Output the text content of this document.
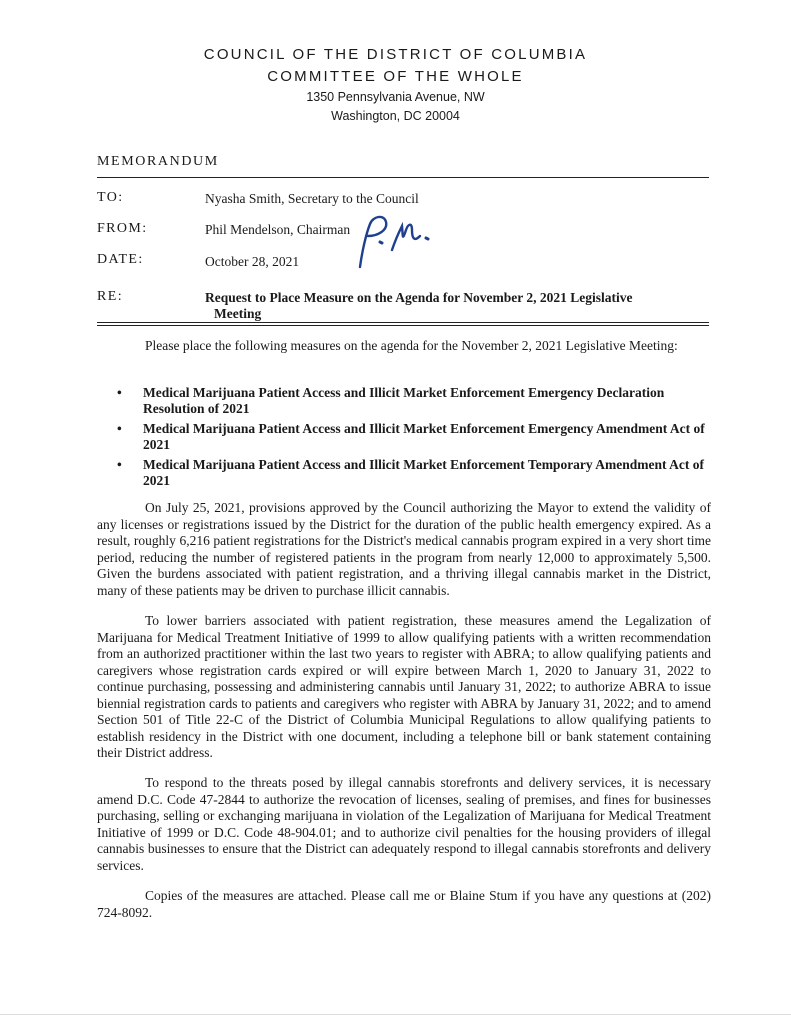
COUNCIL OF THE DISTRICT OF COLUMBIA
COMMITTEE OF THE WHOLE
1350 Pennsylvania Avenue, NW
Washington, DC 20004
MEMORANDUM
TO:	Nyasha Smith, Secretary to the Council
FROM:	Phil Mendelson, Chairman
DATE:	October 28, 2021
RE:	Request to Place Measure on the Agenda for November 2, 2021 Legislative
Meeting
Please place the following measures on the agenda for the November 2, 2021 Legislative Meeting:
• Medical Marijuana Patient Access and Illicit Market Enforcement Emergency Declaration Resolution of 2021
• Medical Marijuana Patient Access and Illicit Market Enforcement Emergency Amendment Act of 2021
• Medical Marijuana Patient Access and Illicit Market Enforcement Temporary Amendment Act of 2021
On July 25, 2021, provisions approved by the Council authorizing the Mayor to extend the validity of any licenses or registrations issued by the District for the duration of the public health emergency expired. As a result, roughly 6,216 patient registrations for the District's medical cannabis program expired in a very short time period, reducing the number of registered patients in the program from nearly 12,000 to approximately 5,500. Given the burdens associated with patient registration, and a thriving illegal cannabis market in the District, many of these patients may be driven to purchase illicit cannabis.
To lower barriers associated with patient registration, these measures amend the Legalization of Marijuana for Medical Treatment Initiative of 1999 to allow qualifying patients with a written recommendation from an authorized practitioner within the last two years to register with ABRA; to allow qualifying patients and caregivers whose registration cards expired or will expire between March 1, 2020 to January 31, 2022 to continue purchasing, possessing and administering cannabis until January 31, 2022; to authorize ABRA to issue biennial registration cards to patients and caregivers who register with ABRA by January 31, 2022; and to amend Section 501 of Title 22-C of the District of Columbia Municipal Regulations to allow qualifying patients to establish residency in the District with one document, including a telephone bill or bank statement containing their District address.
To respond to the threats posed by illegal cannabis storefronts and delivery services, it is necessary amend D.C. Code 47-2844 to authorize the revocation of licenses, sealing of premises, and fines for businesses purchasing, selling or exchanging marijuana in violation of the Legalization of Marijuana for Medical Treatment Initiative of 1999 or D.C. Code 48-904.01; and to authorize civil penalties for the housing providers of illegal cannabis businesses to ensure that the District can adequately respond to illegal cannabis storefronts and delivery services.
Copies of the measures are attached. Please call me or Blaine Stum if you have any questions at (202) 724-8092.
